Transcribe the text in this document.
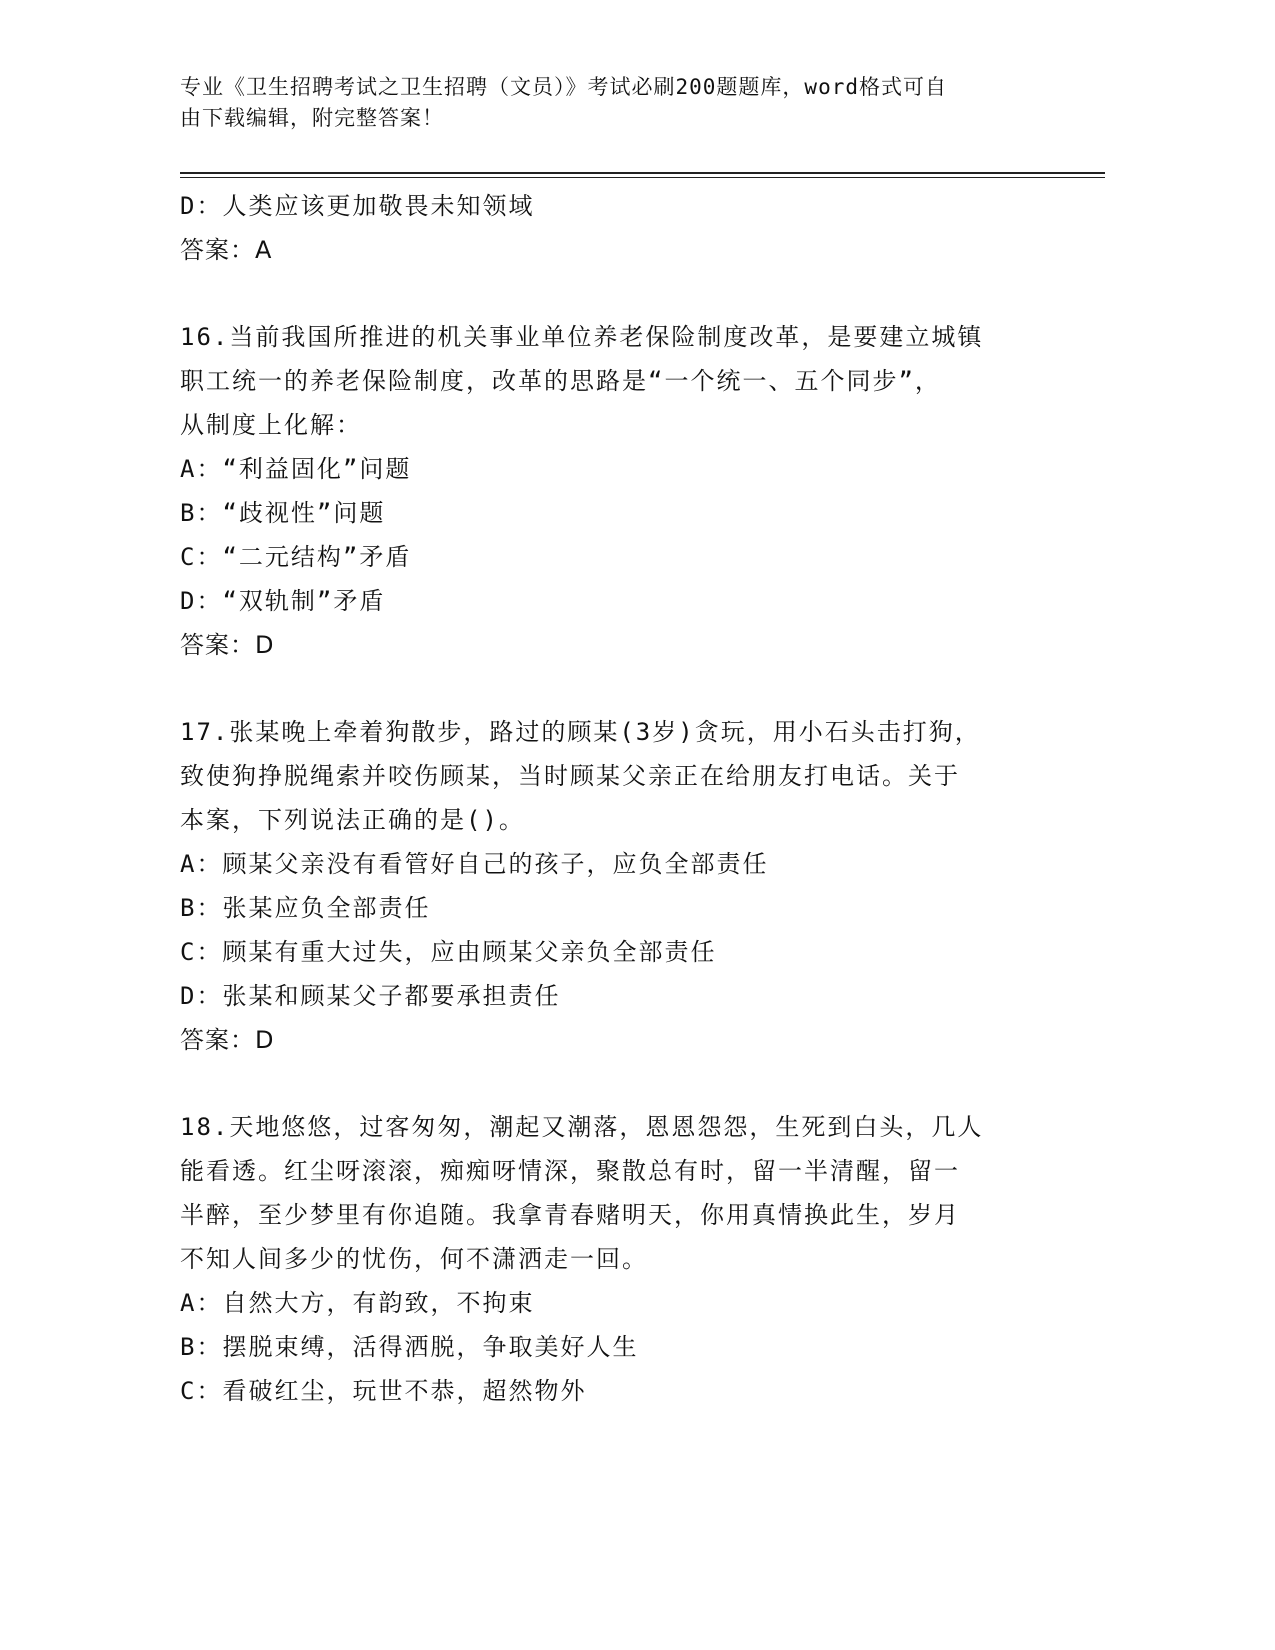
专业《卫生招聘考试之卫生招聘（文员）》考试必刷200题题库，word格式可自
由下载编辑，附完整答案！
D：人类应该更加敬畏未知领域
答案：A
16.当前我国所推进的机关事业单位养老保险制度改革，是要建立城镇
职工统一的养老保险制度，改革的思路是“一个统一、五个同步”，
从制度上化解：
A：“利益固化”问题
B：“歧视性”问题
C：“二元结构”矛盾
D：“双轨制”矛盾
答案：D
17.张某晚上牵着狗散步，路过的顾某(3岁)贪玩，用小石头击打狗，
致使狗挣脱绳索并咬伤顾某，当时顾某父亲正在给朋友打电话。关于
本案，下列说法正确的是()。
A：顾某父亲没有看管好自己的孩子，应负全部责任
B：张某应负全部责任
C：顾某有重大过失，应由顾某父亲负全部责任
D：张某和顾某父子都要承担责任
答案：D
18.天地悠悠，过客匆匆，潮起又潮落，恩恩怨怨，生死到白头，几人
能看透。红尘呀滚滚，痴痴呀情深，聚散总有时，留一半清醒，留一
半醉，至少梦里有你追随。我拿青春赌明天，你用真情换此生，岁月
不知人间多少的忧伤，何不潇洒走一回。
A：自然大方，有韵致，不拘束
B：摆脱束缚，活得洒脱，争取美好人生
C：看破红尘，玩世不恭，超然物外
